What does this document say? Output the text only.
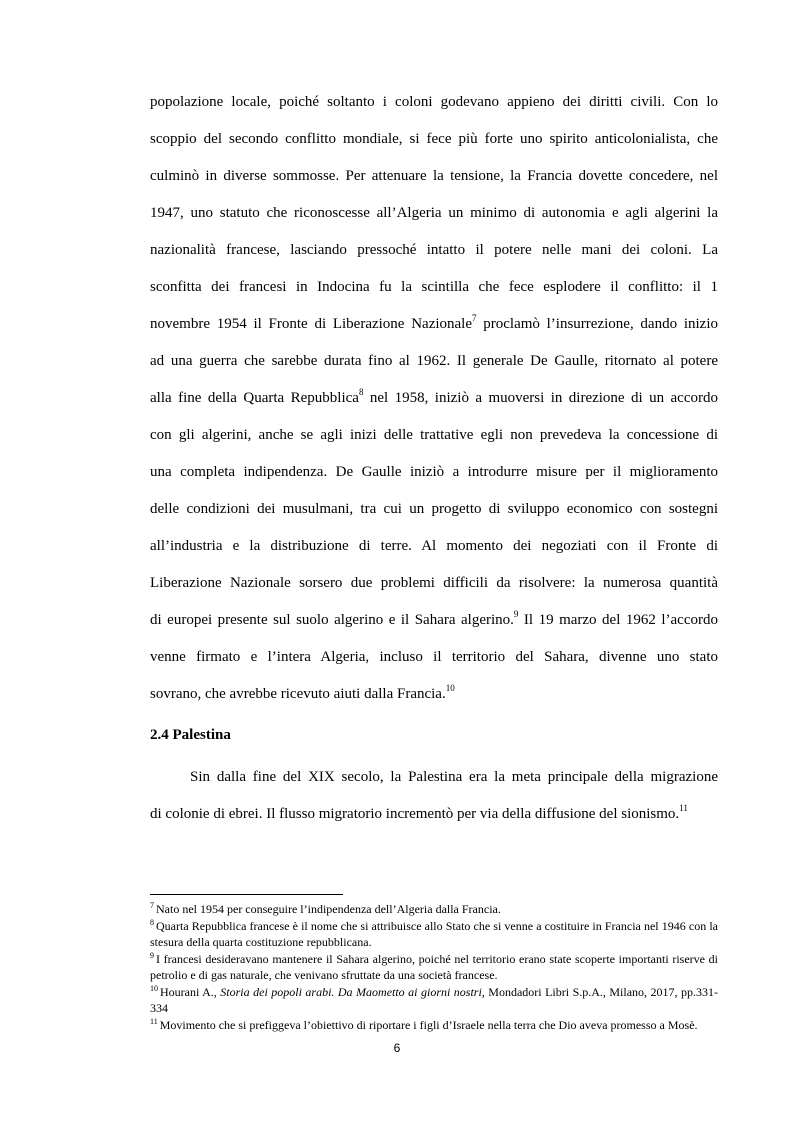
popolazione locale, poiché soltanto i coloni godevano appieno dei diritti civili. Con lo
scoppio del secondo conflitto mondiale, si fece più forte uno spirito anticolonialista, che
culminò in diverse sommosse. Per attenuare la tensione, la Francia dovette concedere, nel
1947, uno statuto che riconoscesse all’Algeria un minimo di autonomia e agli algerini la
nazionalità francese, lasciando pressoché intatto il potere nelle mani dei coloni. La
sconfitta dei francesi in Indocina fu la scintilla che fece esplodere il conflitto: il 1
novembre 1954 il Fronte di Liberazione Nazionale$^7$ proclamò l’insurrezione, dando inizio
ad una guerra che sarebbe durata fino al 1962. Il generale De Gaulle, ritornato al potere
alla fine della Quarta Repubblica$^8$ nel 1958, iniziò a muoversi in direzione di un accordo
con gli algerini, anche se agli inizi delle trattative egli non prevedeva la concessione di
una completa indipendenza. De Gaulle iniziò a introdurre misure per il miglioramento
delle condizioni dei musulmani, tra cui un progetto di sviluppo economico con sostegni
all’industria e la distribuzione di terre. Al momento dei negoziati con il Fronte di
Liberazione Nazionale sorsero due problemi difficili da risolvere: la numerosa quantità
di europei presente sul suolo algerino e il Sahara algerino.$^9$ Il 19 marzo del 1962 l’accordo
venne firmato e l’intera Algeria, incluso il territorio del Sahara, divenne uno stato
sovrano, che avrebbe ricevuto aiuti dalla Francia.$^{10}$
2.4 Palestina
Sin dalla fine del XIX secolo, la Palestina era la meta principale della migrazione
di colonie di ebrei. Il flusso migratorio incrementò per via della diffusione del sionismo.$^{11}$
$^7$ Nato nel 1954 per conseguire l’indipendenza dell’Algeria dalla Francia.
$^8$ Quarta Repubblica francese è il nome che si attribuisce allo Stato che si venne a costituire in Francia nel 1946 con la stesura della quarta costituzione repubblicana.
$^9$ I francesi desideravano mantenere il Sahara algerino, poiché nel territorio erano state scoperte importanti riserve di petrolio e di gas naturale, che venivano sfruttate da una società francese.
$^{10}$ Hourani A., Storia dei popoli arabi. Da Maometto ai giorni nostri, Mondadori Libri S.p.A., Milano, 2017, pp.331-334
$^{11}$ Movimento che si prefiggeva l’obiettivo di riportare i figli d’Israele nella terra che Dio aveva promesso a Mosè.
6
